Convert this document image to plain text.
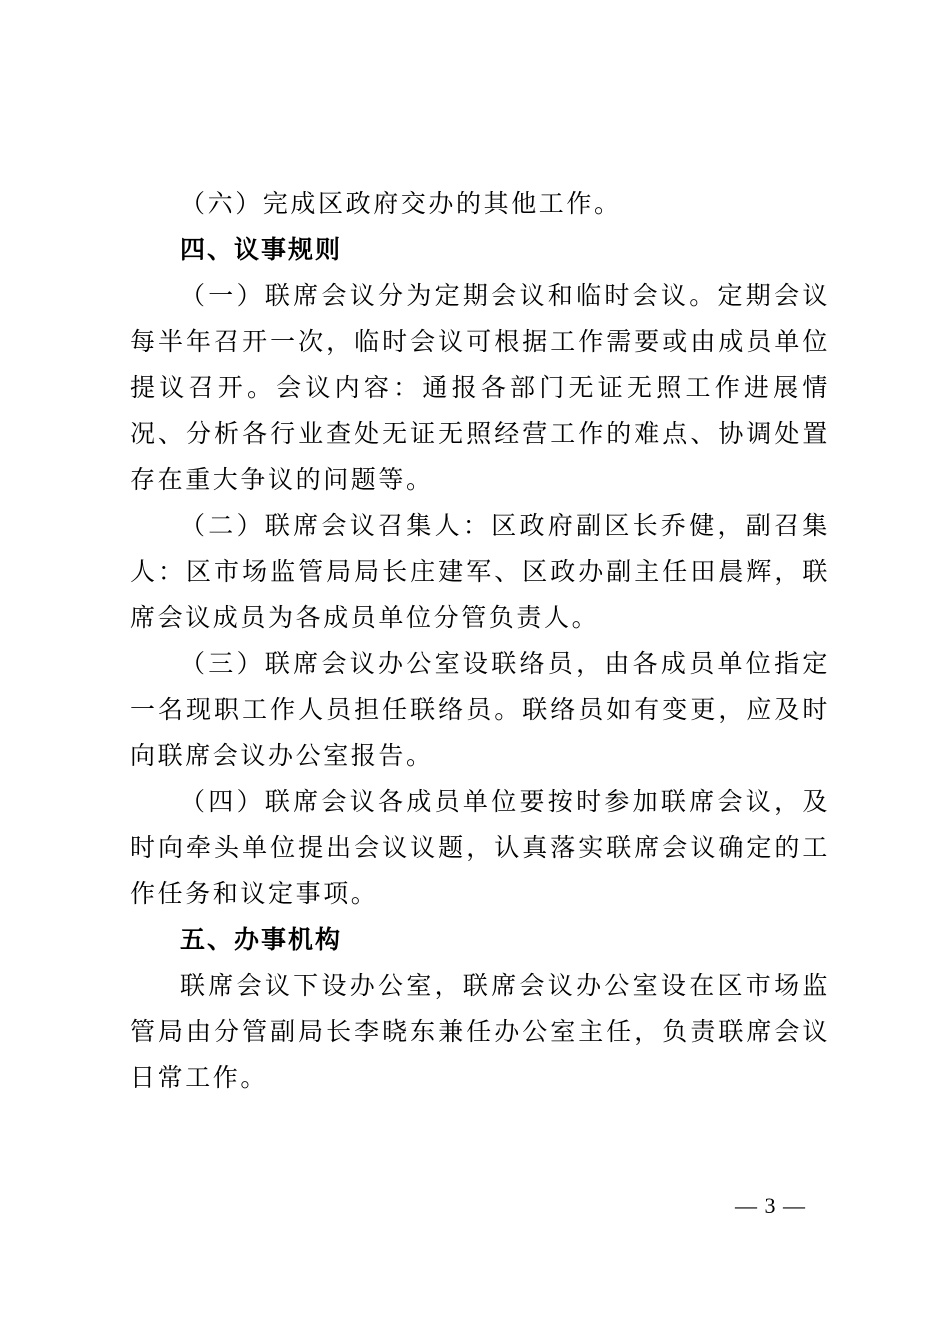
（六）完成区政府交办的其他工作。

四、议事规则

（一）联席会议分为定期会议和临时会议。定期会议每半年召开一次，临时会议可根据工作需要或由成员单位提议召开。会议内容：通报各部门无证无照工作进展情况、分析各行业查处无证无照经营工作的难点、协调处置存在重大争议的问题等。

（二）联席会议召集人：区政府副区长乔健，副召集人：区市场监管局局长庄建军、区政办副主任田晨辉，联席会议成员为各成员单位分管负责人。

（三）联席会议办公室设联络员，由各成员单位指定一名现职工作人员担任联络员。联络员如有变更，应及时向联席会议办公室报告。

（四）联席会议各成员单位要按时参加联席会议，及时向牵头单位提出会议议题，认真落实联席会议确定的工作任务和议定事项。

五、办事机构

联席会议下设办公室，联席会议办公室设在区市场监管局由分管副局长李晓东兼任办公室主任，负责联席会议日常工作。

— 3 —
